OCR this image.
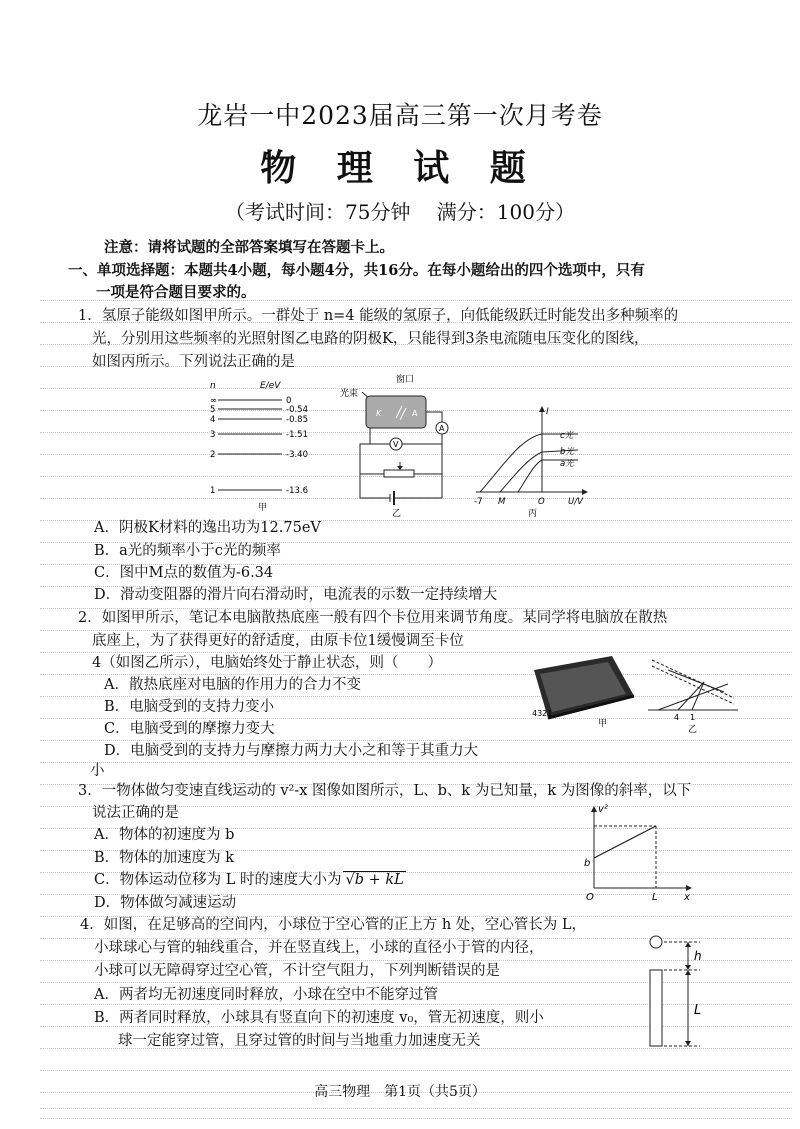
龙岩一中2023届高三第一次月考卷
物 理 试 题
（考试时间：75分钟　 满分：100分）
注意：请将试题的全部答案填写在答题卡上。
一、单项选择题：本题共4小题，每小题4分，共16分。在每小题给出的四个选项中，只有
一项是符合题目要求的。
1．氢原子能级如图甲所示。一群处于 n=4 能级的氢原子，向低能级跃迁时能发出多种频率的
光，分别用这些频率的光照射图乙电路的阴极K，只能得到3条电流随电压变化的图线，
如图丙所示。下列说法正确的是
n	E/eV
∞	0
5	-0.54
4	-0.85
3	-1.51
2	-3.40
1	-13.6
甲
光束
窗口
K	A
A
V
乙
I
c光
b光
a光
-7 M	O	U/V
丙
A．阴极K材料的逸出功为12.75eV
B．a光的频率小于c光的频率
C．图中M点的数值为-6.34
D．滑动变阻器的滑片向右滑动时，电流表的示数一定持续增大
2．如图甲所示，笔记本电脑散热底座一般有四个卡位用来调节角度。某同学将电脑放在散热
底座上，为了获得更好的舒适度，由原卡位1缓慢调至卡位
4（如图乙所示），电脑始终处于静止状态，则（　　）
A．散热底座对电脑的作用力的合力不变
B．电脑受到的支持力变小
C．电脑受到的摩擦力变大
D．电脑受到的支持力与摩擦力两力大小之和等于其重力大
小
4321
甲
4 1
乙
3．一物体做匀变速直线运动的 v²-x 图像如图所示，L、b、k 为已知量，k 为图像的斜率，以下
说法正确的是
A．物体的初速度为 b
B．物体的加速度为 k
C．物体运动位移为 L 时的速度大小为 √b + kL
D．物体做匀减速运动
v²
b
O	L	x
4．如图，在足够高的空间内，小球位于空心管的正上方 h 处，空心管长为 L，
小球球心与管的轴线重合，并在竖直线上，小球的直径小于管的内径，
小球可以无障碍穿过空心管，不计空气阻力，下列判断错误的是
A．两者均无初速度同时释放，小球在空中不能穿过管
B．两者同时释放，小球具有竖直向下的初速度 v₀，管无初速度，则小
球一定能穿过管，且穿过管的时间与当地重力加速度无关
h
L
高三物理　第1页（共5页）
